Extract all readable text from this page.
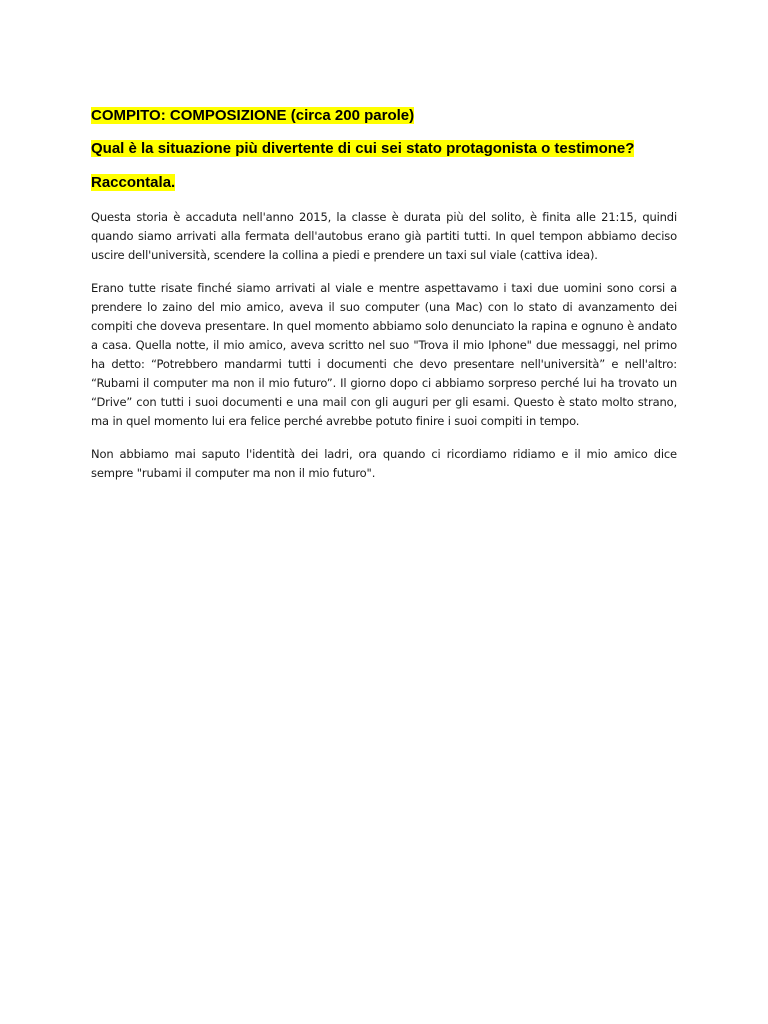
COMPITO: COMPOSIZIONE (circa 200 parole)

Qual è la situazione più divertente di cui sei stato protagonista o testimone?

Raccontala.

Questa storia è accaduta nell'anno 2015, la classe è durata più del solito, è finita alle 21:15, quindi quando siamo arrivati alla fermata dell'autobus erano già partiti tutti. In quel tempon abbiamo deciso uscire dell'università, scendere la collina a piedi e prendere un taxi sul viale (cattiva idea).

Erano tutte risate finché siamo arrivati al viale e mentre aspettavamo i taxi due uomini sono corsi a prendere lo zaino del mio amico, aveva il suo computer (una Mac) con lo stato di avanzamento dei compiti che doveva presentare. In quel momento abbiamo solo denunciato la rapina e ognuno è andato a casa. Quella notte, il mio amico, aveva scritto nel suo "Trova il mio Iphone" due messaggi, nel primo ha detto: “Potrebbero mandarmi tutti i documenti che devo presentare nell'università” e nell'altro: “Rubami il computer ma non il mio futuro”. Il giorno dopo ci abbiamo sorpreso perché lui ha trovato un “Drive” con tutti i suoi documenti e una mail con gli auguri per gli esami. Questo è stato molto strano, ma in quel momento lui era felice perché avrebbe potuto finire i suoi compiti in tempo.

Non abbiamo mai saputo l'identità dei ladri, ora quando ci ricordiamo ridiamo e il mio amico dice sempre "rubami il computer ma non il mio futuro".
